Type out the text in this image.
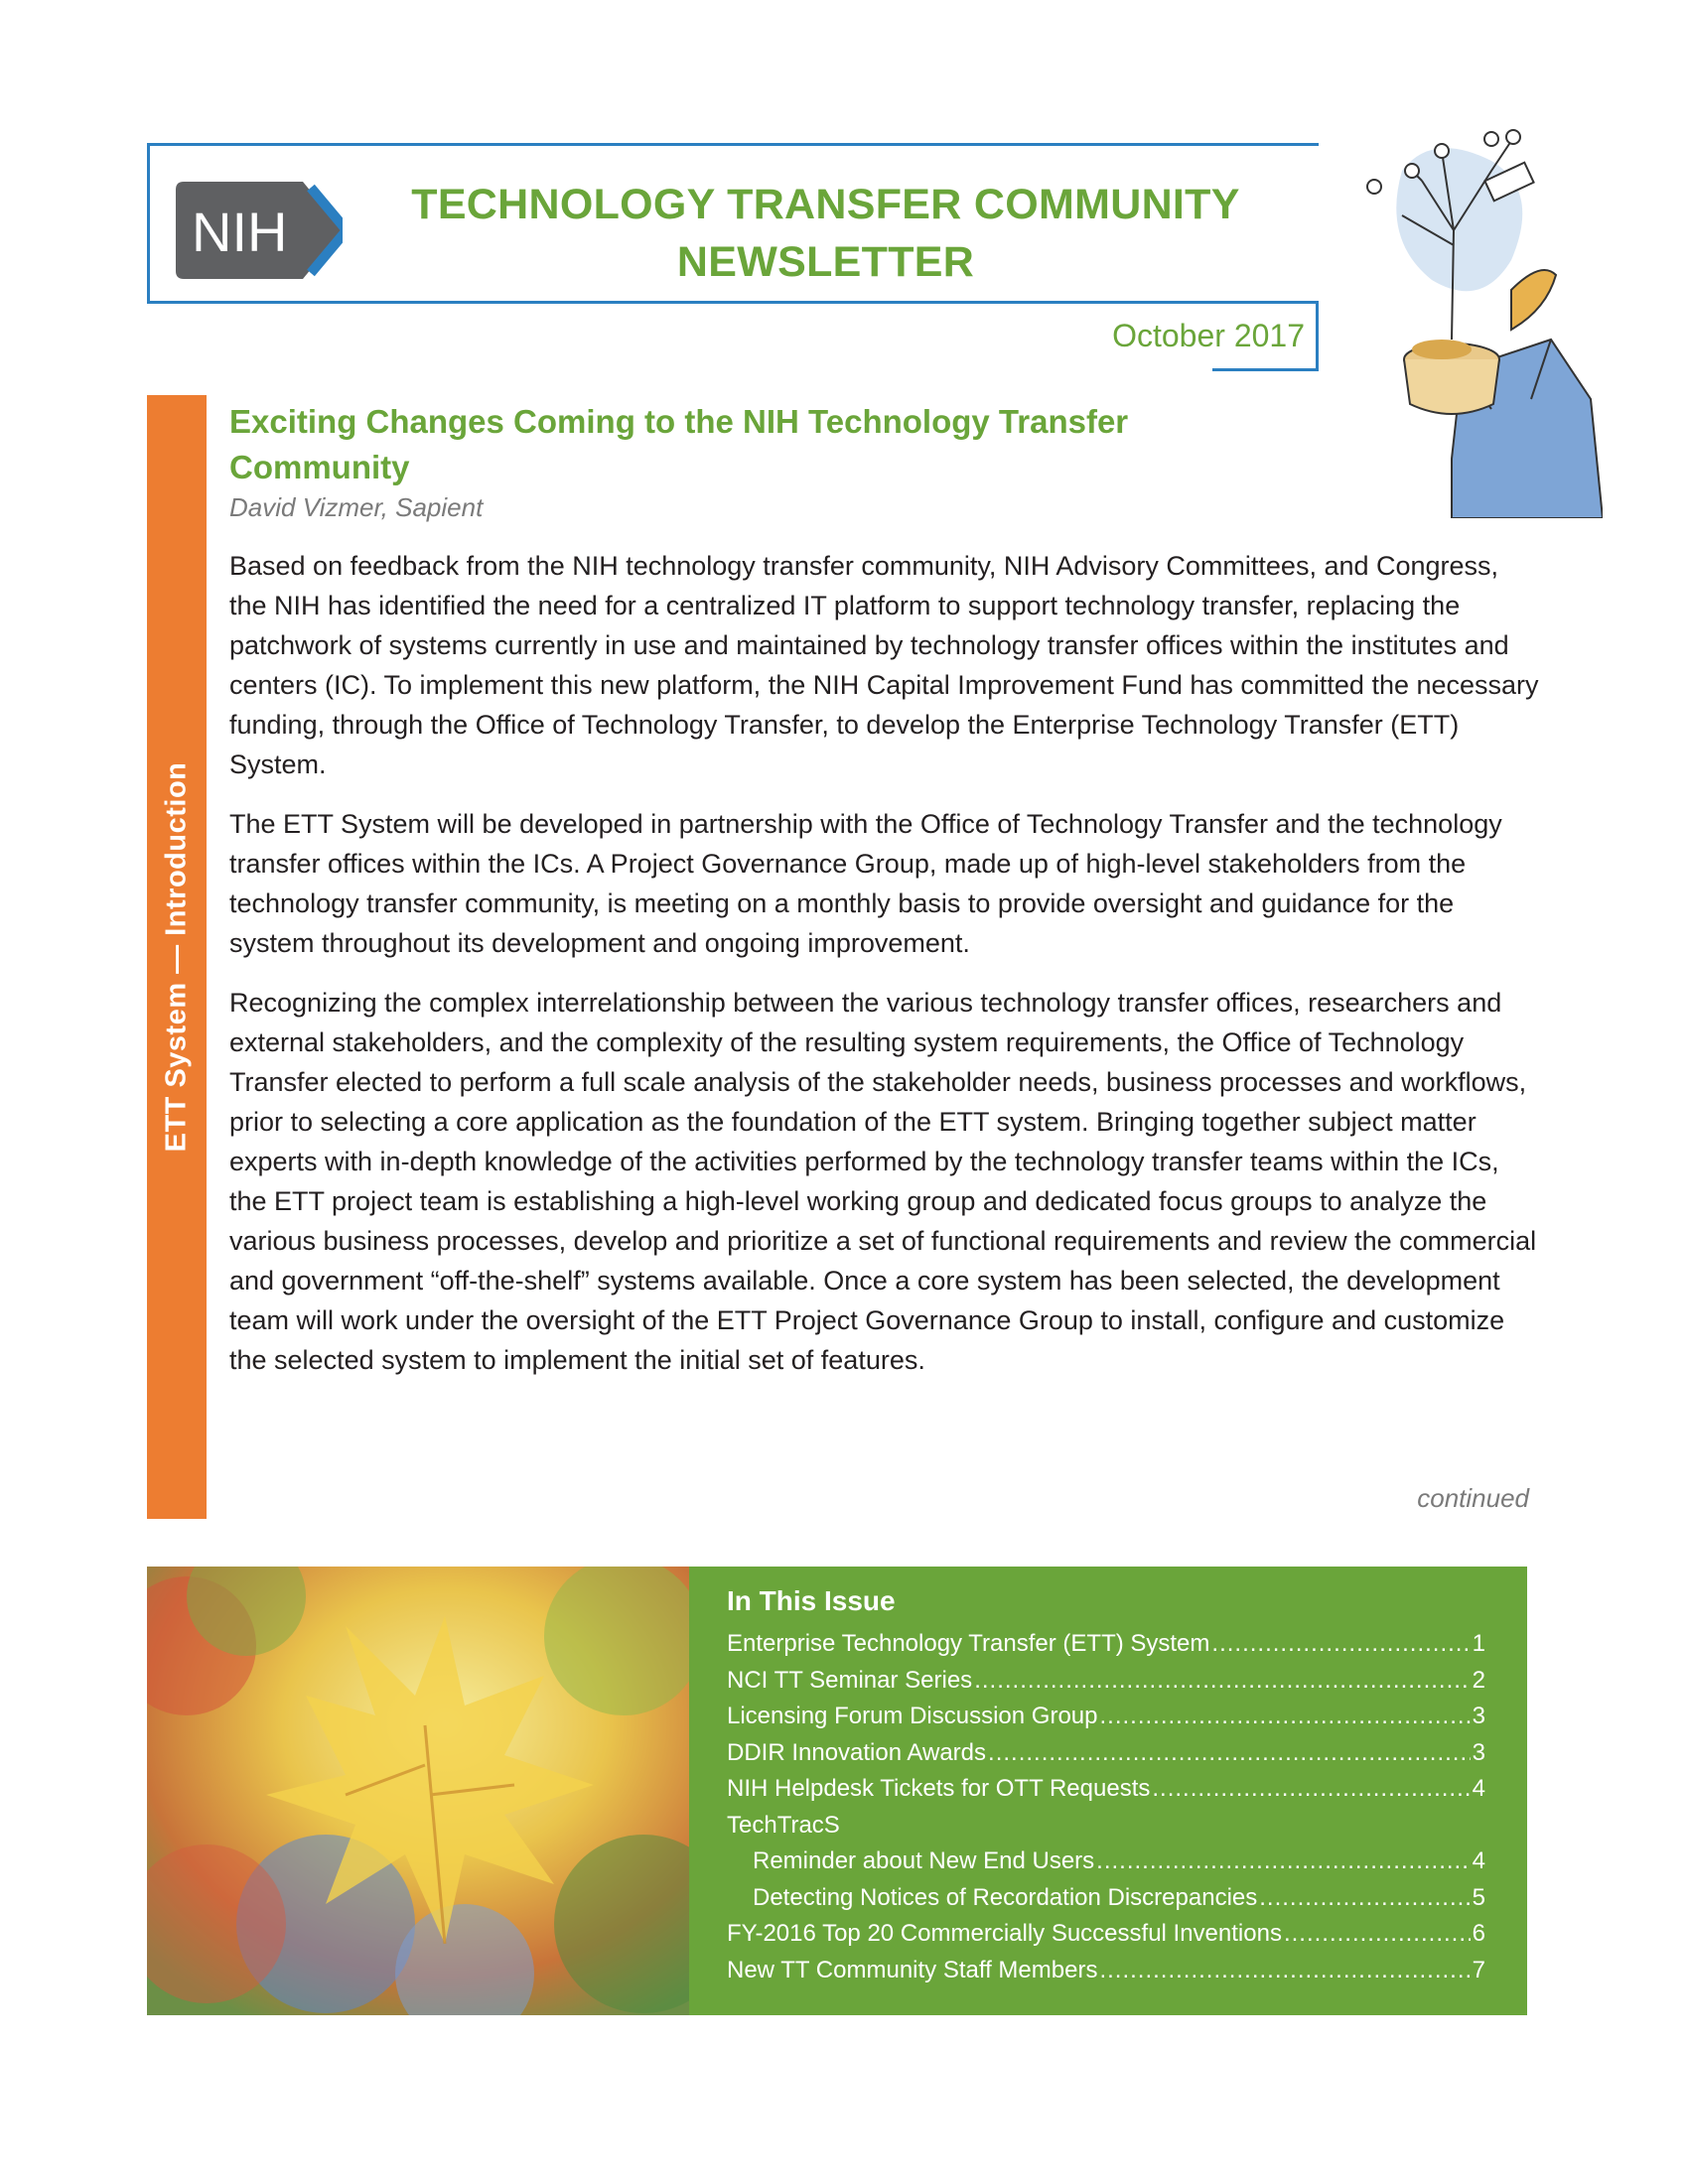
NIH	TECHNOLOGY TRANSFER COMMUNITY
NEWSLETTER
October 2017
ETT System — Introduction
Exciting Changes Coming to the NIH Technology Transfer Community
David Vizmer, Sapient

Based on feedback from the NIH technology transfer community, NIH Advisory Committees, and Congress, the NIH has identified the need for a centralized IT platform to support technology transfer, replacing the patchwork of systems currently in use and maintained by technology transfer offices within the institutes and centers (IC). To implement this new platform, the NIH Capital Improvement Fund has committed the necessary funding, through the Office of Technology Transfer, to develop the Enterprise Technology Transfer (ETT) System.

The ETT System will be developed in partnership with the Office of Technology Transfer and the technology transfer offices within the ICs. A Project Governance Group, made up of high-level stakeholders from the technology transfer community, is meeting on a monthly basis to provide oversight and guidance for the system throughout its development and ongoing improvement.

Recognizing the complex interrelationship between the various technology transfer offices, researchers and external stakeholders, and the complexity of the resulting system requirements, the Office of Technology Transfer elected to perform a full scale analysis of the stakeholder needs, business processes and workflows, prior to selecting a core application as the foundation of the ETT system. Bringing together subject matter experts with in-depth knowledge of the activities performed by the technology transfer teams within the ICs, the ETT project team is establishing a high-level working group and dedicated focus groups to analyze the various business processes, develop and prioritize a set of functional requirements and review the commercial and government “off-the-shelf” systems available. Once a core system has been selected, the development team will work under the oversight of the ETT Project Governance Group to install, configure and customize the selected system to implement the initial set of features.

continued
In This Issue
Enterprise Technology Transfer (ETT) System .....	1
NCI TT Seminar Series .....	2
Licensing Forum Discussion Group .....	3
DDIR Innovation Awards .....	3
NIH Helpdesk Tickets for OTT Requests .....	4
TechTracS
Reminder about New End Users .....	4
Detecting Notices of Recordation Discrepancies .....	5
FY-2016 Top 20 Commercially Successful Inventions .....	6
New TT Community Staff Members .....	7
